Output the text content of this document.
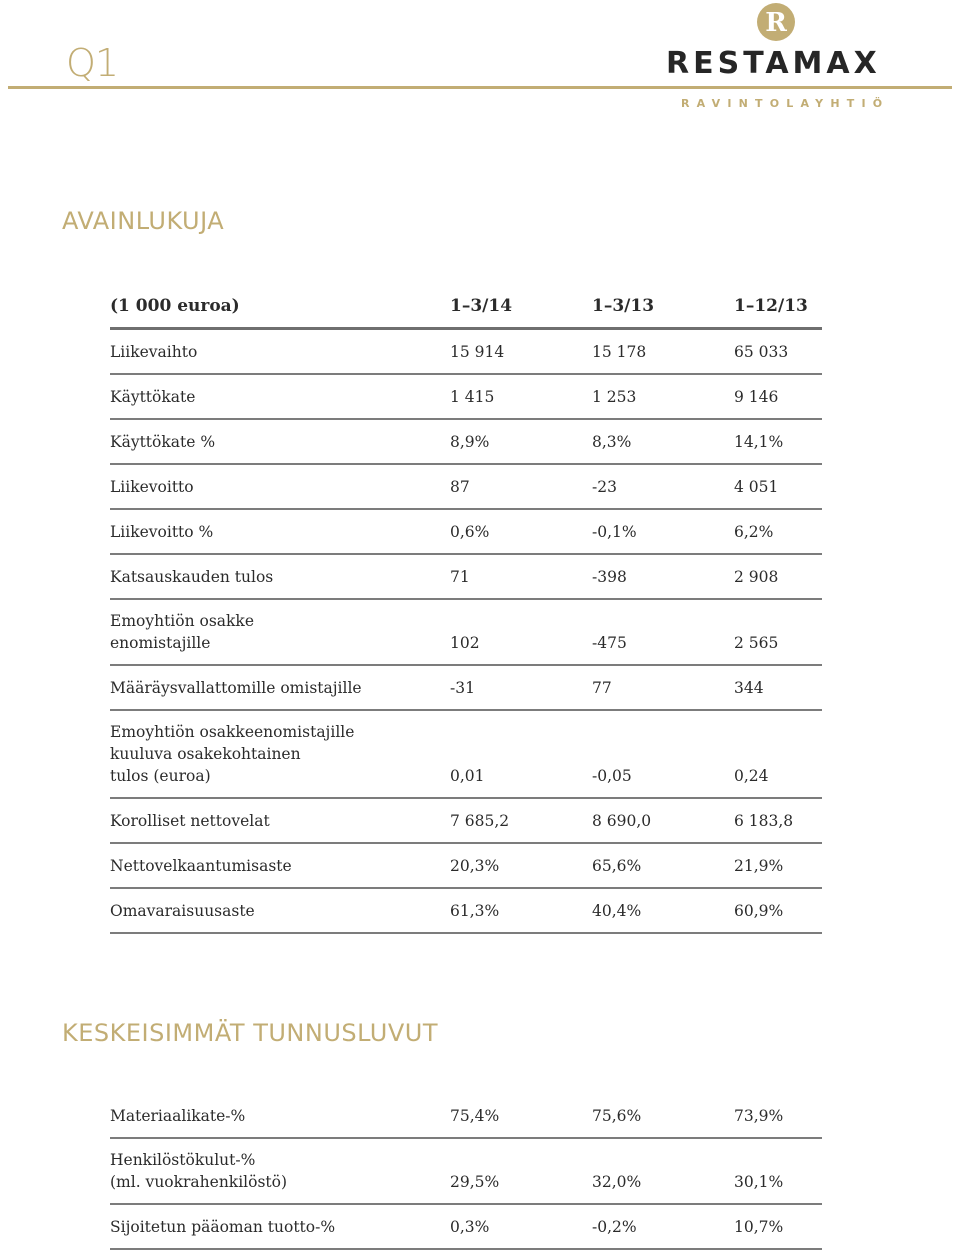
Q1
R
RESTAMAX
RAVINTOLAYHTIÖ
AVAINLUKUJA
(1 000 euroa)	1–3/14	1–3/13	1–12/13
Liikevaihto	15 914	15 178	65 033
Käyttökate	1 415	1 253	9 146
Käyttökate %	8,9%	8,3%	14,1%
Liikevoitto	87	-23	4 051
Liikevoitto %	0,6%	-0,1%	6,2%
Katsauskauden tulos	71	-398	2 908
Emoyhtiön osakke
enomistajille	102	-475	2 565
Määräysvallattomille omistajille	-31	77	344
Emoyhtiön osakkeenomistajille
kuuluva osakekohtainen
tulos (euroa)	0,01	-0,05	0,24
Korolliset nettovelat	7 685,2	8 690,0	6 183,8
Nettovelkaantumisaste	20,3%	65,6%	21,9%
Omavaraisuusaste	61,3%	40,4%	60,9%
KESKEISIMMÄT TUNNUSLUVUT
Materiaalikate-%	75,4%	75,6%	73,9%
Henkilöstökulut-%
(ml. vuokrahenkilöstö)	29,5%	32,0%	30,1%
Sijoitetun pääoman tuotto-%	0,3%	-0,2%	10,7%
